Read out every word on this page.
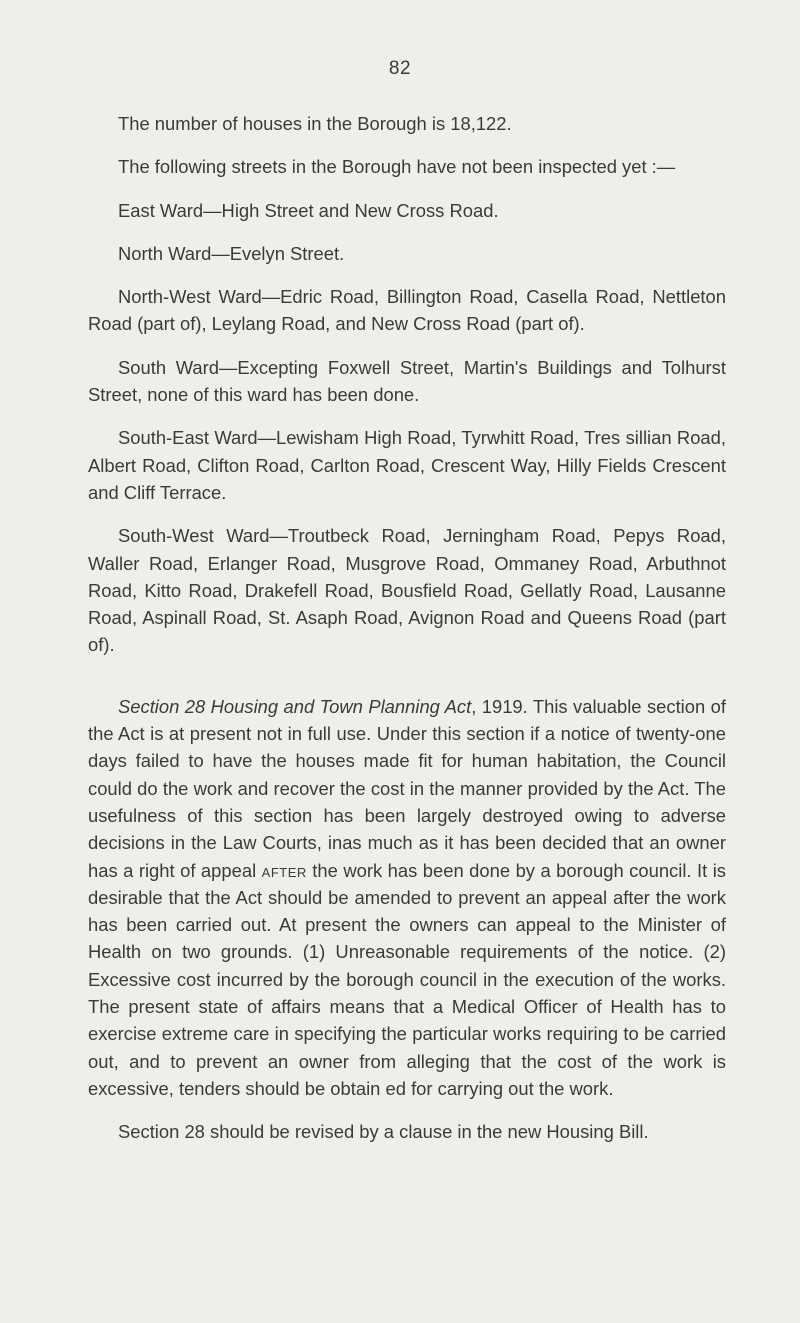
82

The number of houses in the Borough is 18,122.

The following streets in the Borough have not been inspected yet :—

East Ward—High Street and New Cross Road.

North Ward—Evelyn Street.

North-West Ward—Edric Road, Billington Road, Casella Road, Nettleton Road (part of), Leylang Road, and New Cross Road (part of).

South Ward—Excepting Foxwell Street, Martin's Buildings and Tolhurst Street, none of this ward has been done.

South-East Ward—Lewisham High Road, Tyrwhitt Road, Tres sillian Road, Albert Road, Clifton Road, Carlton Road, Crescent Way, Hilly Fields Crescent and Cliff Terrace.

South-West Ward—Troutbeck Road, Jerningham Road, Pepys Road, Waller Road, Erlanger Road, Musgrove Road, Ommaney Road, Arbuthnot Road, Kitto Road, Drakefell Road, Bousfield Road, Gellatly Road, Lausanne Road, Aspinall Road, St. Asaph Road, Avignon Road and Queens Road (part of).

Section 28 Housing and Town Planning Act, 1919. This valuable section of the Act is at present not in full use. Under this section if a notice of twenty-one days failed to have the houses made fit for human habitation, the Council could do the work and recover the cost in the manner provided by the Act. The usefulness of this section has been largely destroyed owing to adverse decisions in the Law Courts, inas much as it has been decided that an owner has a right of appeal after the work has been done by a borough council. It is desirable that the Act should be amended to prevent an appeal after the work has been carried out. At present the owners can appeal to the Minister of Health on two grounds. (1) Unreasonable requirements of the notice. (2) Excessive cost incurred by the borough council in the execution of the works. The present state of affairs means that a Medical Officer of Health has to exercise extreme care in specifying the particular works requiring to be carried out, and to prevent an owner from alleging that the cost of the work is excessive, tenders should be obtain ed for carrying out the work.

Section 28 should be revised by a clause in the new Housing Bill.
